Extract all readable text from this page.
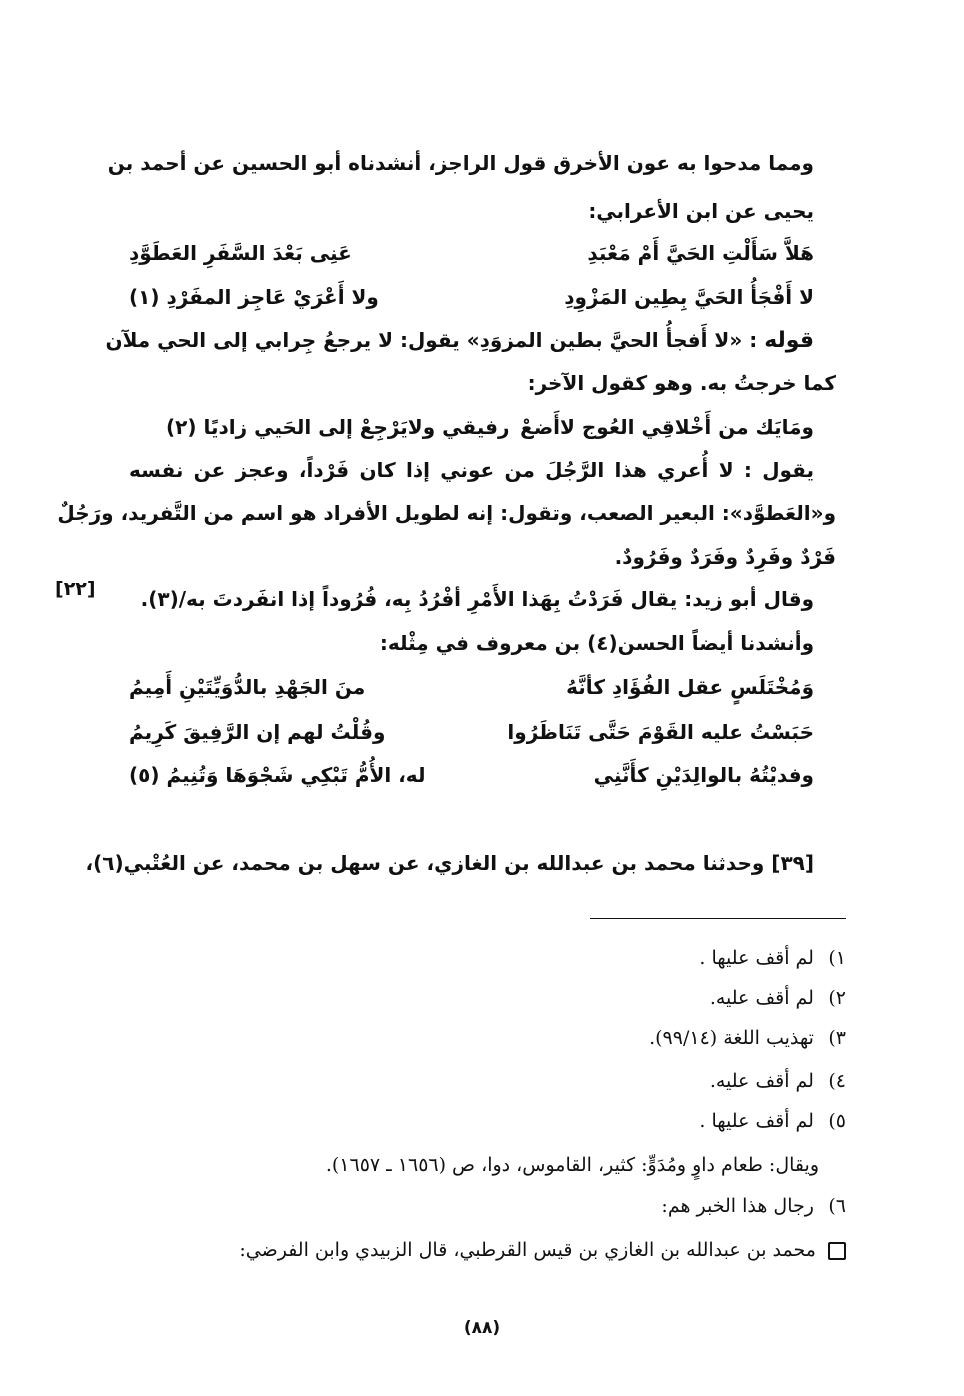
ومما مدحوا به عون الأخرق قول الراجز، أنشدناه أبو الحسين عن أحمد بن
يحيى عن ابن الأعرابي:
هَلاَّ سَأَلْتِ الحَيَّ أَمْ مَعْبَدِ
عَنِى بَعْدَ السَّفَرِ العَطَوَّدِ
لا أَفْجَأُ الحَيَّ بِطِين المَزْوِدِ
ولا أَعْرَيْ عَاجِز المفَرْدِ (١)
قوله : «لا أَفجأُ الحيَّ بطين المزوَدِ» يقول: لا يرجعُ جِرابي إلى الحي ملآن
كما خرجتُ به. وهو كقول الآخر:
ومَايَك من أَخْلاقِي العُوج لاأَضعْ
رفيقي ولايَرْجِعْ إلى الحَيي زاديًا (٢)
يقول : لا أُعري هذا الرَّجُلَ من عوني إذا كان فَرْداً، وعجز عن نفسه
و«العَطوَّد»: البعير الصعب، وتقول: إنه لطويل الأفراد هو اسم من التَّفريد، ورَجُلٌ
فَرْدٌ وفَرِدٌ وفَرَدٌ وفَرُودٌ.
[٢٢] وقال أبو زيد: يقال فَرَدْتُ بِهَذا الأَمْرِ أفْرُدُ بِه، فُرُوداً إذا انفَردتَ به/(٣).
وأنشدنا أيضاً الحسن(٤) بن معروف في مِثْله:
وَمُخْتَلَسٍ عقل الفُؤَادِ كأنَّهُ
منَ الجَهْدِ بالدُّوَيِّتَيْنِ أَمِيمُ
حَبَسْتُ عليه القَوْمَ حَتَّى تَنَاظَرُوا
وقُلْتُ لهم إن الرَّفِيقَ كَرِيمُ
وفديْتُهُ بالوالِدَيْنِ كأَنَّنِي
له، الأُمُّ تَبْكِي شَجْوَهَا وَتُنِيمُ (٥)
[٣٩] وحدثنا محمد بن عبدالله بن الغازي، عن سهل بن محمد، عن العُتْبي(٦)،
١) لم أقف عليها .
٢) لم أقف عليه.
٣) تهذيب اللغة (٩٩/١٤).
٤) لم أقف عليه.
٥) لم أقف عليها .
ويقال: طعام داوٍ ومُدَوٍّ: كثير، القاموس، دوا، ص (١٦٥٦ ـ ١٦٥٧).
٦) رجال هذا الخبر هم:
محمد بن عبدالله بن الغازي بن قيس القرطبي، قال الزبيدي وابن الفرضي:
(٨٨)
